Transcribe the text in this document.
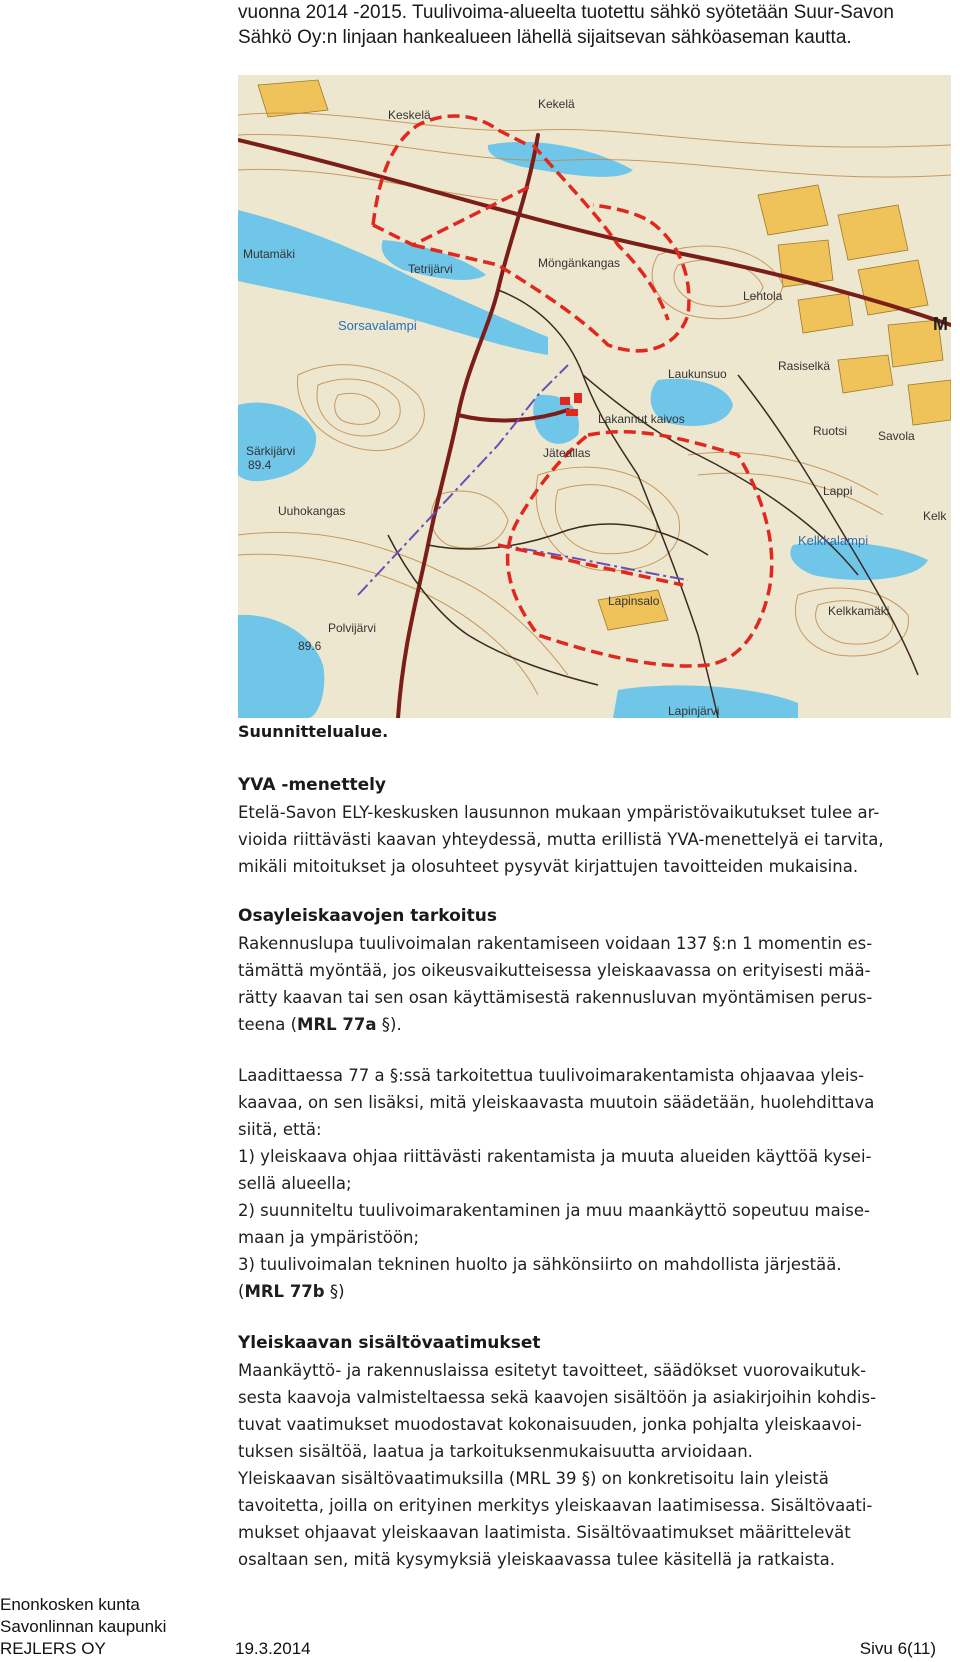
vuonna 2014 -2015. Tuulivoima-alueelta tuotettu sähkö syötetään Suur-Savon
Sähkö Oy:n linjaan hankealueen lähellä sijaitsevan sähköaseman kautta.
Keskelä
Kekelä
Mutamäki
Tetrijärvi	Möngänkangas
Lehtola
Sorsavalampi
Laukunsuo
Rasiselkä
Lakannut kaivos
Savola
Särkijärvi
89.4
Jäteallas
Ruotsi
Lappi
Kelk
Uuhokangas
Kelkkalampi
Kelkkamäki
Lapinsalo
Polvijärvi
89.6
Lapinjärvi
M
Suunnittelualue.
YVA -menettely

Etelä-Savon ELY-keskusken lausunnon mukaan ympäristövaikutukset tulee ar-

vioida riittävästi kaavan yhteydessä, mutta erillistä YVA-menettelyä ei tarvita,

mikäli mitoitukset ja olosuhteet pysyvät kirjattujen tavoitteiden mukaisina.

Osayleiskaavojen tarkoitus

Rakennuslupa tuulivoimalan rakentamiseen voidaan 137 §:n 1 momentin es-

tämättä myöntää, jos oikeusvaikutteisessa yleiskaavassa on erityisesti mää-

rätty kaavan tai sen osan käyttämisestä rakennusluvan myöntämisen perus-

teena (MRL 77a §).

Laadittaessa 77 a §:ssä tarkoitettua tuulivoimarakentamista ohjaavaa yleis-

kaavaa, on sen lisäksi, mitä yleiskaavasta muutoin säädetään, huolehdittava

siitä, että:

1) yleiskaava ohjaa riittävästi rakentamista ja muuta alueiden käyttöä kysei-

sellä alueella;

2) suunniteltu tuulivoimarakentaminen ja muu maankäyttö sopeutuu maise-

maan ja ympäristöön;

3) tuulivoimalan tekninen huolto ja sähkönsiirto on mahdollista järjestää.

(MRL 77b §)

Yleiskaavan sisältövaatimukset

Maankäyttö- ja rakennuslaissa esitetyt tavoitteet, säädökset vuorovaikutuk-

sesta kaavoja valmisteltaessa sekä kaavojen sisältöön ja asiakirjoihin kohdis-

tuvat vaatimukset muodostavat kokonaisuuden, jonka pohjalta yleiskaavoi-

tuksen sisältöä, laatua ja tarkoituksenmukaisuutta arvioidaan.

Yleiskaavan sisältövaatimuksilla (MRL 39 §) on konkretisoitu lain yleistä

tavoitetta, joilla on erityinen merkitys yleiskaavan laatimisessa. Sisältövaati-

mukset ohjaavat yleiskaavan laatimista. Sisältövaatimukset määrittelevät

osaltaan sen, mitä kysymyksiä yleiskaavassa tulee käsitellä ja ratkaista.

Enonkosken kunta
Savonlinnan kaupunki
REJLERS OY	19.3.2014	Sivu 6(11)
